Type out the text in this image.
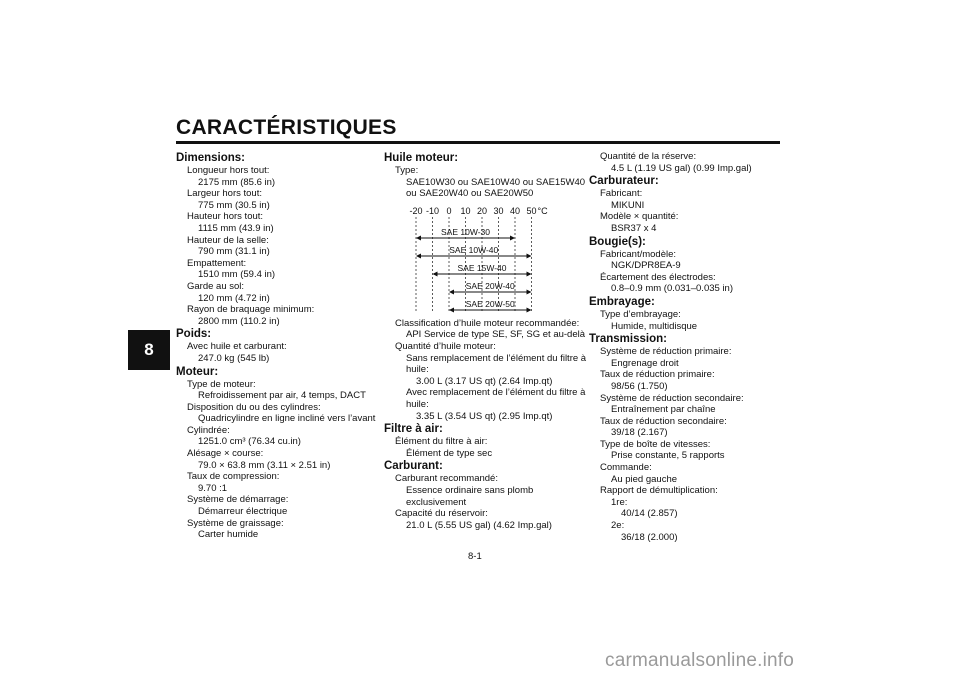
CARACTÉRISTIQUES
8
Dimensions:
Longueur hors tout:
2175 mm (85.6 in)
Largeur hors tout:
775 mm (30.5 in)
Hauteur hors tout:
1115 mm (43.9 in)
Hauteur de la selle:
790 mm (31.1 in)
Empattement:
1510 mm (59.4 in)
Garde au sol:
120 mm (4.72 in)
Rayon de braquage minimum:
2800 mm (110.2 in)
Poids:
Avec huile et carburant:
247.0 kg (545 lb)
Moteur:
Type de moteur:
Refroidissement par air, 4 temps, DACT
Disposition du ou des cylindres:
Quadricylindre en ligne incliné vers l’avant
Cylindrée:
1251.0 cm³ (76.34 cu.in)
Alésage × course:
79.0 × 63.8 mm (3.11 × 2.51 in)
Taux de compression:
9.70 :1
Système de démarrage:
Démarreur électrique
Système de graissage:
Carter humide
Huile moteur:
Type:
SAE10W30 ou SAE10W40 ou SAE15W40
ou SAE20W40 ou SAE20W50
-20 -10 0 10 20 30 40 50 °C
SAE 10W-30
SAE 10W-40
SAE 15W-40
SAE 20W-40
SAE 20W-50
Classification d’huile moteur recommandée:
API Service de type SE, SF, SG et au-delà
Quantité d’huile moteur:
Sans remplacement de l’élément du filtre à
huile:
3.00 L (3.17 US qt) (2.64 Imp.qt)
Avec remplacement de l’élément du filtre à
huile:
3.35 L (3.54 US qt) (2.95 Imp.qt)
Filtre à air:
Élément du filtre à air:
Élément de type sec
Carburant:
Carburant recommandé:
Essence ordinaire sans plomb
exclusivement
Capacité du réservoir:
21.0 L (5.55 US gal) (4.62 Imp.gal)
Quantité de la réserve:
4.5 L (1.19 US gal) (0.99 Imp.gal)
Carburateur:
Fabricant:
MIKUNI
Modèle × quantité:
BSR37 x 4
Bougie(s):
Fabricant/modèle:
NGK/DPR8EA-9
Écartement des électrodes:
0.8–0.9 mm (0.031–0.035 in)
Embrayage:
Type d’embrayage:
Humide, multidisque
Transmission:
Système de réduction primaire:
Engrenage droit
Taux de réduction primaire:
98/56 (1.750)
Système de réduction secondaire:
Entraînement par chaîne
Taux de réduction secondaire:
39/18 (2.167)
Type de boîte de vitesses:
Prise constante, 5 rapports
Commande:
Au pied gauche
Rapport de démultiplication:
1re:
40/14 (2.857)
2e:
36/18 (2.000)
8-1
carmanualsonline.info
